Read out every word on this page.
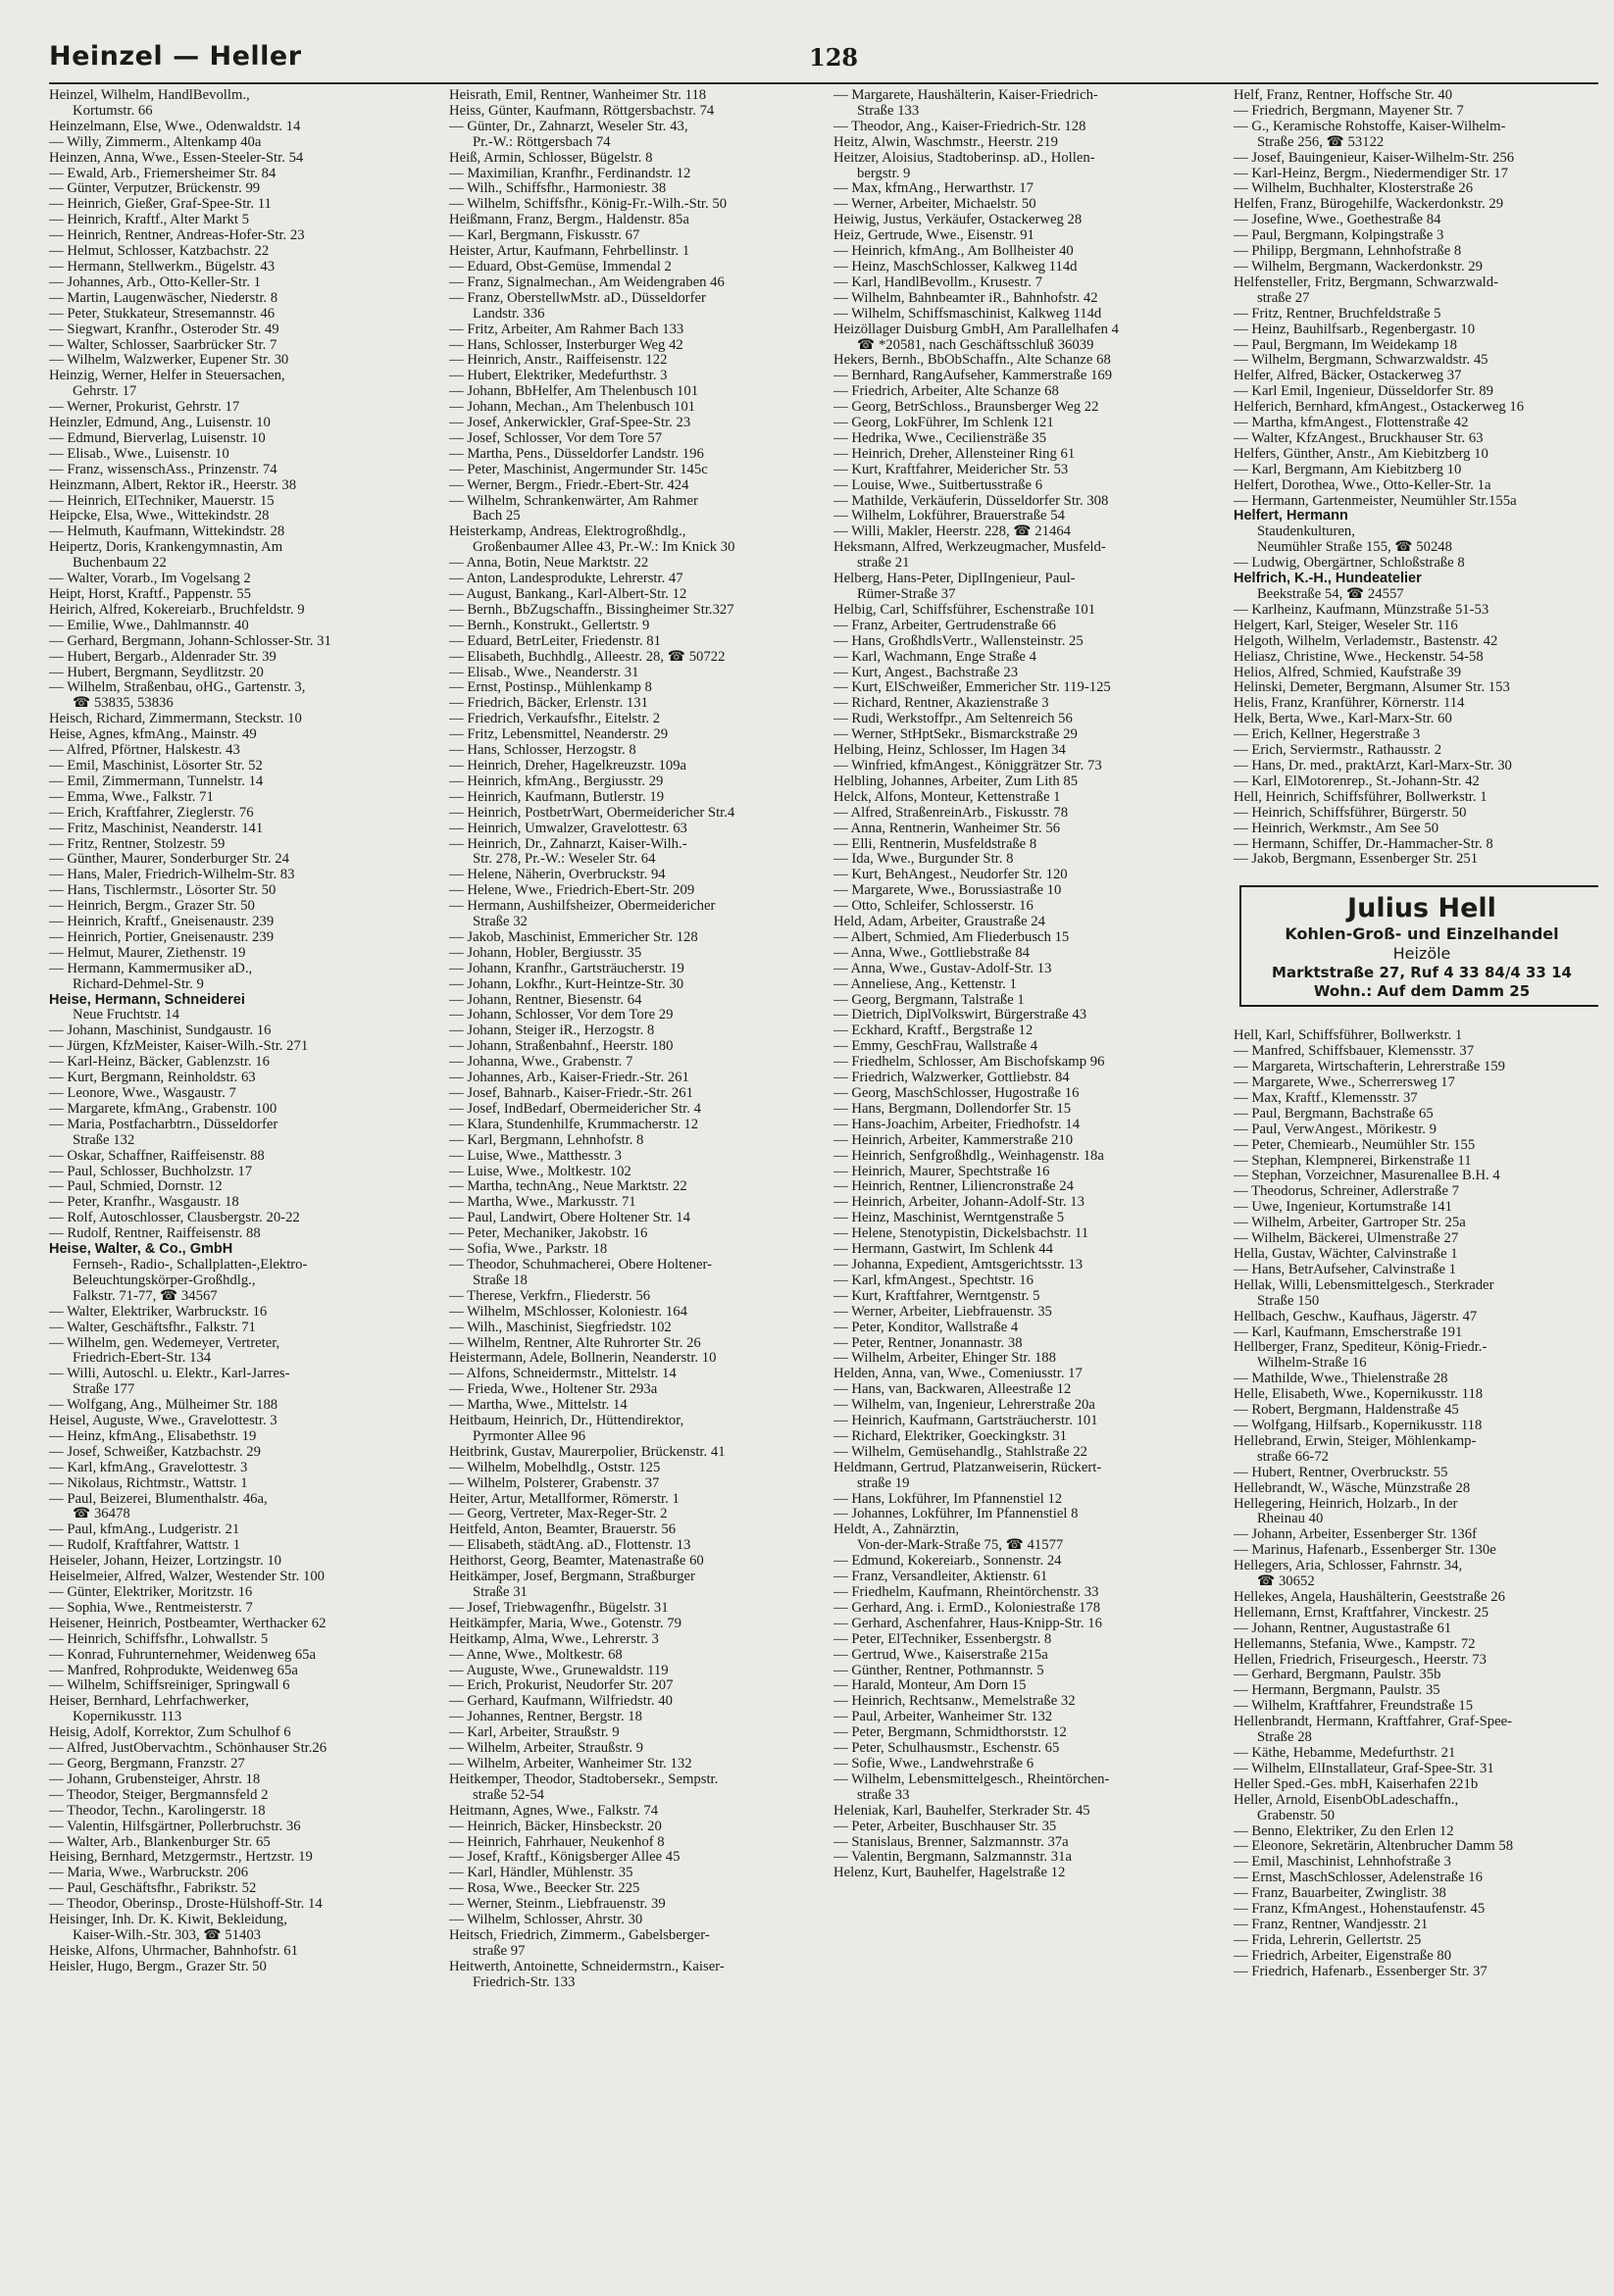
Heinzel — Heller	128

Heinzel, Wilhelm, HandlBevollm.,

Kortumstr. 66

Heinzelmann, Else, Wwe., Odenwaldstr. 14

— Willy, Zimmerm., Altenkamp 40a

Heinzen, Anna, Wwe., Essen-Steeler-Str. 54

— Ewald, Arb., Friemersheimer Str. 84

— Günter, Verputzer, Brückenstr. 99

— Heinrich, Gießer, Graf-Spee-Str. 11

— Heinrich, Kraftf., Alter Markt 5

— Heinrich, Rentner, Andreas-Hofer-Str. 23

— Helmut, Schlosser, Katzbachstr. 22

— Hermann, Stellwerkm., Bügelstr. 43

— Johannes, Arb., Otto-Keller-Str. 1

— Martin, Laugenwäscher, Niederstr. 8

— Peter, Stukkateur, Stresemannstr. 46

— Siegwart, Kranfhr., Osteroder Str. 49

— Walter, Schlosser, Saarbrücker Str. 7

— Wilhelm, Walzwerker, Eupener Str. 30

Heinzig, Werner, Helfer in Steuersachen,

Gehrstr. 17

— Werner, Prokurist, Gehrstr. 17

Heinzler, Edmund, Ang., Luisenstr. 10

— Edmund, Bierverlag, Luisenstr. 10

— Elisab., Wwe., Luisenstr. 10

— Franz, wissenschAss., Prinzenstr. 74

Heinzmann, Albert, Rektor iR., Heerstr. 38

— Heinrich, ElTechniker, Mauerstr. 15

Heipcke, Elsa, Wwe., Wittekindstr. 28

— Helmuth, Kaufmann, Wittekindstr. 28

Heipertz, Doris, Krankengymnastin, Am

Buchenbaum 22

— Walter, Vorarb., Im Vogelsang 2

Heipt, Horst, Kraftf., Pappenstr. 55

Heirich, Alfred, Kokereiarb., Bruchfeldstr. 9

— Emilie, Wwe., Dahlmannstr. 40

— Gerhard, Bergmann, Johann-Schlosser-Str. 31

— Hubert, Bergarb., Aldenrader Str. 39

— Hubert, Bergmann, Seydlitzstr. 20

— Wilhelm, Straßenbau, oHG., Gartenstr. 3,

☎ 53835, 53836

Heisch, Richard, Zimmermann, Steckstr. 10

Heise, Agnes, kfmAng., Mainstr. 49

— Alfred, Pförtner, Halskestr. 43

— Emil, Maschinist, Lösorter Str. 52

— Emil, Zimmermann, Tunnelstr. 14

— Emma, Wwe., Falkstr. 71

— Erich, Kraftfahrer, Zieglerstr. 76

— Fritz, Maschinist, Neanderstr. 141

— Fritz, Rentner, Stolzestr. 59

— Günther, Maurer, Sonderburger Str. 24

— Hans, Maler, Friedrich-Wilhelm-Str. 83

— Hans, Tischlermstr., Lösorter Str. 50

— Heinrich, Bergm., Grazer Str. 50

— Heinrich, Kraftf., Gneisenaustr. 239

— Heinrich, Portier, Gneisenaustr. 239

— Helmut, Maurer, Ziethenstr. 19

— Hermann, Kammermusiker aD.,

Richard-Dehmel-Str. 9

Heise, Hermann, Schneiderei

Neue Fruchtstr. 14

— Johann, Maschinist, Sundgaustr. 16

— Jürgen, KfzMeister, Kaiser-Wilh.-Str. 271

— Karl-Heinz, Bäcker, Gablenzstr. 16

— Kurt, Bergmann, Reinholdstr. 63

— Leonore, Wwe., Wasgaustr. 7

— Margarete, kfmAng., Grabenstr. 100

— Maria, Postfacharbtrn., Düsseldorfer

Straße 132

— Oskar, Schaffner, Raiffeisenstr. 88

— Paul, Schlosser, Buchholzstr. 17

— Paul, Schmied, Dornstr. 12

— Peter, Kranfhr., Wasgaustr. 18

— Rolf, Autoschlosser, Clausbergstr. 20-22

— Rudolf, Rentner, Raiffeisenstr. 88

Heise, Walter, & Co., GmbH

Fernseh-, Radio-, Schallplatten-,Elektro-

Beleuchtungskörper-Großhdlg.,

Falkstr. 71-77, ☎ 34567

— Walter, Elektriker, Warbruckstr. 16

— Walter, Geschäftsfhr., Falkstr. 71

— Wilhelm, gen. Wedemeyer, Vertreter,

Friedrich-Ebert-Str. 134

— Willi, Autoschl. u. Elektr., Karl-Jarres-

Straße 177

— Wolfgang, Ang., Mülheimer Str. 188

Heisel, Auguste, Wwe., Gravelottestr. 3

— Heinz, kfmAng., Elisabethstr. 19

— Josef, Schweißer, Katzbachstr. 29

— Karl, kfmAng., Gravelottestr. 3

— Nikolaus, Richtmstr., Wattstr. 1

— Paul, Beizerei, Blumenthalstr. 46a,

☎ 36478

— Paul, kfmAng., Ludgeristr. 21

— Rudolf, Kraftfahrer, Wattstr. 1

Heiseler, Johann, Heizer, Lortzingstr. 10

Heiselmeier, Alfred, Walzer, Westender Str. 100

— Günter, Elektriker, Moritzstr. 16

— Sophia, Wwe., Rentmeisterstr. 7

Heisener, Heinrich, Postbeamter, Werthacker 62

— Heinrich, Schiffsfhr., Lohwallstr. 5

— Konrad, Fuhrunternehmer, Weidenweg 65a

— Manfred, Rohprodukte, Weidenweg 65a

— Wilhelm, Schiffsreiniger, Springwall 6

Heiser, Bernhard, Lehrfachwerker,

Kopernikusstr. 113

Heisig, Adolf, Korrektor, Zum Schulhof 6

— Alfred, JustObervachtm., Schönhauser Str.26

— Georg, Bergmann, Franzstr. 27

— Johann, Grubensteiger, Ahrstr. 18

— Theodor, Steiger, Bergmannsfeld 2

— Theodor, Techn., Karolingerstr. 18

— Valentin, Hilfsgärtner, Pollerbruchstr. 36

— Walter, Arb., Blankenburger Str. 65

Heising, Bernhard, Metzgermstr., Hertzstr. 19

— Maria, Wwe., Warbruckstr. 206

— Paul, Geschäftsfhr., Fabrikstr. 52

— Theodor, Oberinsp., Droste-Hülshoff-Str. 14

Heisinger, Inh. Dr. K. Kiwit, Bekleidung,

Kaiser-Wilh.-Str. 303, ☎ 51403

Heiske, Alfons, Uhrmacher, Bahnhofstr. 61

Heisler, Hugo, Bergm., Grazer Str. 50

Heisrath, Emil, Rentner, Wanheimer Str. 118

Heiss, Günter, Kaufmann, Röttgersbachstr. 74

— Günter, Dr., Zahnarzt, Weseler Str. 43,

Pr.-W.: Röttgersbach 74

Heiß, Armin, Schlosser, Bügelstr. 8

— Maximilian, Kranfhr., Ferdinandstr. 12

— Wilh., Schiffsfhr., Harmoniestr. 38

— Wilhelm, Schiffsfhr., König-Fr.-Wilh.-Str. 50

Heißmann, Franz, Bergm., Haldenstr. 85a

— Karl, Bergmann, Fiskusstr. 67

Heister, Artur, Kaufmann, Fehrbellinstr. 1

— Eduard, Obst-Gemüse, Immendal 2

— Franz, Signalmechan., Am Weidengraben 46

— Franz, OberstellwMstr. aD., Düsseldorfer

Landstr. 336

— Fritz, Arbeiter, Am Rahmer Bach 133

— Hans, Schlosser, Insterburger Weg 42

— Heinrich, Anstr., Raiffeisenstr. 122

— Hubert, Elektriker, Medefurthstr. 3

— Johann, BbHelfer, Am Thelenbusch 101

— Johann, Mechan., Am Thelenbusch 101

— Josef, Ankerwickler, Graf-Spee-Str. 23

— Josef, Schlosser, Vor dem Tore 57

— Martha, Pens., Düsseldorfer Landstr. 196

— Peter, Maschinist, Angermunder Str. 145c

— Werner, Bergm., Friedr.-Ebert-Str. 424

— Wilhelm, Schrankenwärter, Am Rahmer

Bach 25

Heisterkamp, Andreas, Elektrogroßhdlg.,

Großenbaumer Allee 43, Pr.-W.: Im Knick 30

— Anna, Botin, Neue Marktstr. 22

— Anton, Landesprodukte, Lehrerstr. 47

— August, Bankang., Karl-Albert-Str. 12

— Bernh., BbZugschaffn., Bissingheimer Str.327

— Bernh., Konstrukt., Gellertstr. 9

— Eduard, BetrLeiter, Friedenstr. 81

— Elisabeth, Buchhdlg., Alleestr. 28, ☎ 50722

— Elisab., Wwe., Neanderstr. 31

— Ernst, Postinsp., Mühlenkamp 8

— Friedrich, Bäcker, Erlenstr. 131

— Friedrich, Verkaufsfhr., Eitelstr. 2

— Fritz, Lebensmittel, Neanderstr. 29

— Hans, Schlosser, Herzogstr. 8

— Heinrich, Dreher, Hagelkreuzstr. 109a

— Heinrich, kfmAng., Bergiusstr. 29

— Heinrich, Kaufmann, Butlerstr. 19

— Heinrich, PostbetrWart, Obermeidericher Str.4

— Heinrich, Umwalzer, Gravelottestr. 63

— Heinrich, Dr., Zahnarzt, Kaiser-Wilh.-

Str. 278, Pr.-W.: Weseler Str. 64

— Helene, Näherin, Overbruckstr. 94

— Helene, Wwe., Friedrich-Ebert-Str. 209

— Hermann, Aushilfsheizer, Obermeidericher

Straße 32

— Jakob, Maschinist, Emmericher Str. 128

— Johann, Hobler, Bergiusstr. 35

— Johann, Kranfhr., Gartsträucherstr. 19

— Johann, Lokfhr., Kurt-Heintze-Str. 30

— Johann, Rentner, Biesenstr. 64

— Johann, Schlosser, Vor dem Tore 29

— Johann, Steiger iR., Herzogstr. 8

— Johann, Straßenbahnf., Heerstr. 180

— Johanna, Wwe., Grabenstr. 7

— Johannes, Arb., Kaiser-Friedr.-Str. 261

— Josef, Bahnarb., Kaiser-Friedr.-Str. 261

— Josef, IndBedarf, Obermeidericher Str. 4

— Klara, Stundenhilfe, Krummacherstr. 12

— Karl, Bergmann, Lehnhofstr. 8

— Luise, Wwe., Matthesstr. 3

— Luise, Wwe., Moltkestr. 102

— Martha, technAng., Neue Marktstr. 22

— Martha, Wwe., Markusstr. 71

— Paul, Landwirt, Obere Holtener Str. 14

— Peter, Mechaniker, Jakobstr. 16

— Sofia, Wwe., Parkstr. 18

— Theodor, Schuhmacherei, Obere Holtener-

Straße 18

— Therese, Verkfrn., Fliederstr. 56

— Wilhelm, MSchlosser, Koloniestr. 164

— Wilh., Maschinist, Siegfriedstr. 102

— Wilhelm, Rentner, Alte Ruhrorter Str. 26

Heistermann, Adele, Bollnerin, Neanderstr. 10

— Alfons, Schneidermstr., Mittelstr. 14

— Frieda, Wwe., Holtener Str. 293a

— Martha, Wwe., Mittelstr. 14

Heitbaum, Heinrich, Dr., Hüttendirektor,

Pyrmonter Allee 96

Heitbrink, Gustav, Maurerpolier, Brückenstr. 41

— Wilhelm, Mobelhdlg., Oststr. 125

— Wilhelm, Polsterer, Grabenstr. 37

Heiter, Artur, Metallformer, Römerstr. 1

— Georg, Vertreter, Max-Reger-Str. 2

Heitfeld, Anton, Beamter, Brauerstr. 56

— Elisabeth, städtAng. aD., Flottenstr. 13

Heithorst, Georg, Beamter, Matenastraße 60

Heitkämper, Josef, Bergmann, Straßburger

Straße 31

— Josef, Triebwagenfhr., Bügelstr. 31

Heitkämpfer, Maria, Wwe., Gotenstr. 79

Heitkamp, Alma, Wwe., Lehrerstr. 3

— Anne, Wwe., Moltkestr. 68

— Auguste, Wwe., Grunewaldstr. 119

— Erich, Prokurist, Neudorfer Str. 207

— Gerhard, Kaufmann, Wilfriedstr. 40

— Johannes, Rentner, Bergstr. 18

— Karl, Arbeiter, Straußstr. 9

— Wilhelm, Arbeiter, Straußstr. 9

— Wilhelm, Arbeiter, Wanheimer Str. 132

Heitkemper, Theodor, Stadtobersekr., Sempstr.

straße 52-54

Heitmann, Agnes, Wwe., Falkstr. 74

— Heinrich, Bäcker, Hinsbeckstr. 20

— Heinrich, Fahrhauer, Neukenhof 8

— Josef, Kraftf., Königsberger Allee 45

— Karl, Händler, Mühlenstr. 35

— Rosa, Wwe., Beecker Str. 225

— Werner, Steinm., Liebfrauenstr. 39

— Wilhelm, Schlosser, Ahrstr. 30

Heitsch, Friedrich, Zimmerm., Gabelsberger-

straße 97

Heitwerth, Antoinette, Schneidermstrn., Kaiser-

Friedrich-Str. 133

— Margarete, Haushälterin, Kaiser-Friedrich-

Straße 133

— Theodor, Ang., Kaiser-Friedrich-Str. 128

Heitz, Alwin, Waschmstr., Heerstr. 219

Heitzer, Aloisius, Stadtoberinsp. aD., Hollen-

bergstr. 9

— Max, kfmAng., Herwarthstr. 17

— Werner, Arbeiter, Michaelstr. 50

Heiwig, Justus, Verkäufer, Ostackerweg 28

Heiz, Gertrude, Wwe., Eisenstr. 91

— Heinrich, kfmAng., Am Bollheister 40

— Heinz, MaschSchlosser, Kalkweg 114d

— Karl, HandlBevollm., Krusestr. 7

— Wilhelm, Bahnbeamter iR., Bahnhofstr. 42

— Wilhelm, Schiffsmaschinist, Kalkweg 114d

Heizöllager Duisburg GmbH, Am Parallelhafen 4

☎ *20581, nach Geschäftsschluß 36039

Hekers, Bernh., BbObSchaffn., Alte Schanze 68

— Bernhard, RangAufseher, Kammerstraße 169

— Friedrich, Arbeiter, Alte Schanze 68

— Georg, BetrSchloss., Braunsberger Weg 22

— Georg, LokFührer, Im Schlenk 121

— Hedrika, Wwe., Ceciliensträße 35

— Heinrich, Dreher, Allensteiner Ring 61

— Kurt, Kraftfahrer, Meidericher Str. 53

— Louise, Wwe., Suitbertusstraße 6

— Mathilde, Verkäuferin, Düsseldorfer Str. 308

— Wilhelm, Lokführer, Brauerstraße 54

— Willi, Makler, Heerstr. 228, ☎ 21464

Heksmann, Alfred, Werkzeugmacher, Musfeld-

straße 21

Helberg, Hans-Peter, DiplIngenieur, Paul-

Rümer-Straße 37

Helbig, Carl, Schiffsführer, Eschenstraße 101

— Franz, Arbeiter, Gertrudenstraße 66

— Hans, GroßhdlsVertr., Wallensteinstr. 25

— Karl, Wachmann, Enge Straße 4

— Kurt, Angest., Bachstraße 23

— Kurt, ElSchweißer, Emmericher Str. 119-125

— Richard, Rentner, Akazienstraße 3

— Rudi, Werkstoffpr., Am Seltenreich 56

— Werner, StHptSekr., Bismarckstraße 29

Helbing, Heinz, Schlosser, Im Hagen 34

— Winfried, kfmAngest., Königgrätzer Str. 73

Helbling, Johannes, Arbeiter, Zum Lith 85

Helck, Alfons, Monteur, Kettenstraße 1

— Alfred, StraßenreinArb., Fiskusstr. 78

— Anna, Rentnerin, Wanheimer Str. 56

— Elli, Rentnerin, Musfeldstraße 8

— Ida, Wwe., Burgunder Str. 8

— Kurt, BehAngest., Neudorfer Str. 120

— Margarete, Wwe., Borussiastraße 10

— Otto, Schleifer, Schlosserstr. 16

Held, Adam, Arbeiter, Graustraße 24

— Albert, Schmied, Am Fliederbusch 15

— Anna, Wwe., Gottliebstraße 84

— Anna, Wwe., Gustav-Adolf-Str. 13

— Anneliese, Ang., Kettenstr. 1

— Georg, Bergmann, Talstraße 1

— Dietrich, DiplVolkswirt, Bürgerstraße 43

— Eckhard, Kraftf., Bergstraße 12

— Emmy, GeschFrau, Wallstraße 4

— Friedhelm, Schlosser, Am Bischofskamp 96

— Friedrich, Walzwerker, Gottliebstr. 84

— Georg, MaschSchlosser, Hugostraße 16

— Hans, Bergmann, Dollendorfer Str. 15

— Hans-Joachim, Arbeiter, Friedhofstr. 14

— Heinrich, Arbeiter, Kammerstraße 210

— Heinrich, Senfgroßhdlg., Weinhagenstr. 18a

— Heinrich, Maurer, Spechtstraße 16

— Heinrich, Rentner, Liliencronstraße 24

— Heinrich, Arbeiter, Johann-Adolf-Str. 13

— Heinz, Maschinist, Werntgenstraße 5

— Helene, Stenotypistin, Dickelsbachstr. 11

— Hermann, Gastwirt, Im Schlenk 44

— Johanna, Expedient, Amtsgerichtsstr. 13

— Karl, kfmAngest., Spechtstr. 16

— Kurt, Kraftfahrer, Werntgenstr. 5

— Werner, Arbeiter, Liebfrauenstr. 35

— Peter, Konditor, Wallstraße 4

— Peter, Rentner, Jonannastr. 38

— Wilhelm, Arbeiter, Ehinger Str. 188

Helden, Anna, van, Wwe., Comeniusstr. 17

— Hans, van, Backwaren, Alleestraße 12

— Wilhelm, van, Ingenieur, Lehrerstraße 20a

— Heinrich, Kaufmann, Gartsträucherstr. 101

— Richard, Elektriker, Goeckingkstr. 31

— Wilhelm, Gemüsehandlg., Stahlstraße 22

Heldmann, Gertrud, Platzanweiserin, Rückert-

straße 19

— Hans, Lokführer, Im Pfannenstiel 12

— Johannes, Lokführer, Im Pfannenstiel 8

Heldt, A., Zahnärztin,

Von-der-Mark-Straße 75, ☎ 41577

— Edmund, Kokereiarb., Sonnenstr. 24

— Franz, Versandleiter, Aktienstr. 61

— Friedhelm, Kaufmann, Rheintörchenstr. 33

— Gerhard, Ang. i. ErmD., Koloniestraße 178

— Gerhard, Aschenfahrer, Haus-Knipp-Str. 16

— Peter, ElTechniker, Essenbergstr. 8

— Gertrud, Wwe., Kaiserstraße 215a

— Günther, Rentner, Pothmannstr. 5

— Harald, Monteur, Am Dorn 15

— Heinrich, Rechtsanw., Memelstraße 32

— Paul, Arbeiter, Wanheimer Str. 132

— Peter, Bergmann, Schmidthorststr. 12

— Peter, Schulhausmstr., Eschenstr. 65

— Sofie, Wwe., Landwehrstraße 6

— Wilhelm, Lebensmittelgesch., Rheintörchen-

straße 33

Heleniak, Karl, Bauhelfer, Sterkrader Str. 45

— Peter, Arbeiter, Buschhauser Str. 35

— Stanislaus, Brenner, Salzmannstr. 37a

— Valentin, Bergmann, Salzmannstr. 31a

Helenz, Kurt, Bauhelfer, Hagelstraße 12

Helf, Franz, Rentner, Hoffsche Str. 40

— Friedrich, Bergmann, Mayener Str. 7

— G., Keramische Rohstoffe, Kaiser-Wilhelm-

Straße 256, ☎ 53122

— Josef, Bauingenieur, Kaiser-Wilhelm-Str. 256

— Karl-Heinz, Bergm., Niedermendiger Str. 17

— Wilhelm, Buchhalter, Klosterstraße 26

Helfen, Franz, Bürogehilfe, Wackerdonkstr. 29

— Josefine, Wwe., Goethestraße 84

— Paul, Bergmann, Kolpingstraße 3

— Philipp, Bergmann, Lehnhofstraße 8

— Wilhelm, Bergmann, Wackerdonkstr. 29

Helfensteller, Fritz, Bergmann, Schwarzwald-

straße 27

— Fritz, Rentner, Bruchfeldstraße 5

— Heinz, Bauhilfsarb., Regenbergastr. 10

— Paul, Bergmann, Im Weidekamp 18

— Wilhelm, Bergmann, Schwarzwaldstr. 45

Helfer, Alfred, Bäcker, Ostackerweg 37

— Karl Emil, Ingenieur, Düsseldorfer Str. 89

Helferich, Bernhard, kfmAngest., Ostackerweg 16

— Martha, kfmAngest., Flottenstraße 42

— Walter, KfzAngest., Bruckhauser Str. 63

Helfers, Günther, Anstr., Am Kiebitzberg 10

— Karl, Bergmann, Am Kiebitzberg 10

Helfert, Dorothea, Wwe., Otto-Keller-Str. 1a

— Hermann, Gartenmeister, Neumühler Str.155a

Helfert, Hermann

Staudenkulturen,

Neumühler Straße 155, ☎ 50248

— Ludwig, Obergärtner, Schloßstraße 8

Helfrich, K.-H., Hundeatelier

Beekstraße 54, ☎ 24557

— Karlheinz, Kaufmann, Münzstraße 51-53

Helgert, Karl, Steiger, Weseler Str. 116

Helgoth, Wilhelm, Verlademstr., Bastenstr. 42

Heliasz, Christine, Wwe., Heckenstr. 54-58

Helios, Alfred, Schmied, Kaufstraße 39

Helinski, Demeter, Bergmann, Alsumer Str. 153

Helis, Franz, Kranführer, Körnerstr. 114

Helk, Berta, Wwe., Karl-Marx-Str. 60

— Erich, Kellner, Hegerstraße 3

— Erich, Serviermstr., Rathausstr. 2

— Hans, Dr. med., praktArzt, Karl-Marx-Str. 30

— Karl, ElMotorenrep., St.-Johann-Str. 42

Hell, Heinrich, Schiffsführer, Bollwerkstr. 1

— Heinrich, Schiffsführer, Bürgerstr. 50

— Heinrich, Werkmstr., Am See 50

— Hermann, Schiffer, Dr.-Hammacher-Str. 8

— Jakob, Bergmann, Essenberger Str. 251

Julius Hell
Kohlen-Groß- und Einzelhandel
Heizöle
Marktstraße 27, Ruf 4 33 84/4 33 14
Wohn.: Auf dem Damm 25

Hell, Karl, Schiffsführer, Bollwerkstr. 1

— Manfred, Schiffsbauer, Klemensstr. 37

— Margareta, Wirtschafterin, Lehrerstraße 159

— Margarete, Wwe., Scherrersweg 17

— Max, Kraftf., Klemensstr. 37

— Paul, Bergmann, Bachstraße 65

— Paul, VerwAngest., Mörikestr. 9

— Peter, Chemiearb., Neumühler Str. 155

— Stephan, Klempnerei, Birkenstraße 11

— Stephan, Vorzeichner, Masurenallee B.H. 4

— Theodorus, Schreiner, Adlerstraße 7

— Uwe, Ingenieur, Kortumstraße 141

— Wilhelm, Arbeiter, Gartroper Str. 25a

— Wilhelm, Bäckerei, Ulmenstraße 27

Hella, Gustav, Wächter, Calvinstraße 1

— Hans, BetrAufseher, Calvinstraße 1

Hellak, Willi, Lebensmittelgesch., Sterkrader

Straße 150

Hellbach, Geschw., Kaufhaus, Jägerstr. 47

— Karl, Kaufmann, Emscherstraße 191

Hellberger, Franz, Spediteur, König-Friedr.-

Wilhelm-Straße 16

— Mathilde, Wwe., Thielenstraße 28

Helle, Elisabeth, Wwe., Kopernikusstr. 118

— Robert, Bergmann, Haldenstraße 45

— Wolfgang, Hilfsarb., Kopernikusstr. 118

Hellebrand, Erwin, Steiger, Möhlenkamp-

straße 66-72

— Hubert, Rentner, Overbruckstr. 55

Hellebrandt, W., Wäsche, Münzstraße 28

Hellegering, Heinrich, Holzarb., In der

Rheinau 40

— Johann, Arbeiter, Essenberger Str. 136f

— Marinus, Hafenarb., Essenberger Str. 130e

Hellegers, Aria, Schlosser, Fahrnstr. 34,

☎ 30652

Hellekes, Angela, Haushälterin, Geeststraße 26

Hellemann, Ernst, Kraftfahrer, Vinckestr. 25

— Johann, Rentner, Augustastraße 61

Hellemanns, Stefania, Wwe., Kampstr. 72

Hellen, Friedrich, Friseurgesch., Heerstr. 73

— Gerhard, Bergmann, Paulstr. 35b

— Hermann, Bergmann, Paulstr. 35

— Wilhelm, Kraftfahrer, Freundstraße 15

Hellenbrandt, Hermann, Kraftfahrer, Graf-Spee-

Straße 28

— Käthe, Hebamme, Medefurthstr. 21

— Wilhelm, ElInstallateur, Graf-Spee-Str. 31

Heller Sped.-Ges. mbH, Kaiserhafen 221b

Heller, Arnold, EisenbObLadeschaffn.,

Grabenstr. 50

— Benno, Elektriker, Zu den Erlen 12

— Eleonore, Sekretärin, Altenbrucher Damm 58

— Emil, Maschinist, Lehnhofstraße 3

— Ernst, MaschSchlosser, Adelenstraße 16

— Franz, Bauarbeiter, Zwinglistr. 38

— Franz, KfmAngest., Hohenstaufenstr. 45

— Franz, Rentner, Wandjesstr. 21

— Frida, Lehrerin, Gellertstr. 25

— Friedrich, Arbeiter, Eigenstraße 80

— Friedrich, Hafenarb., Essenberger Str. 37
